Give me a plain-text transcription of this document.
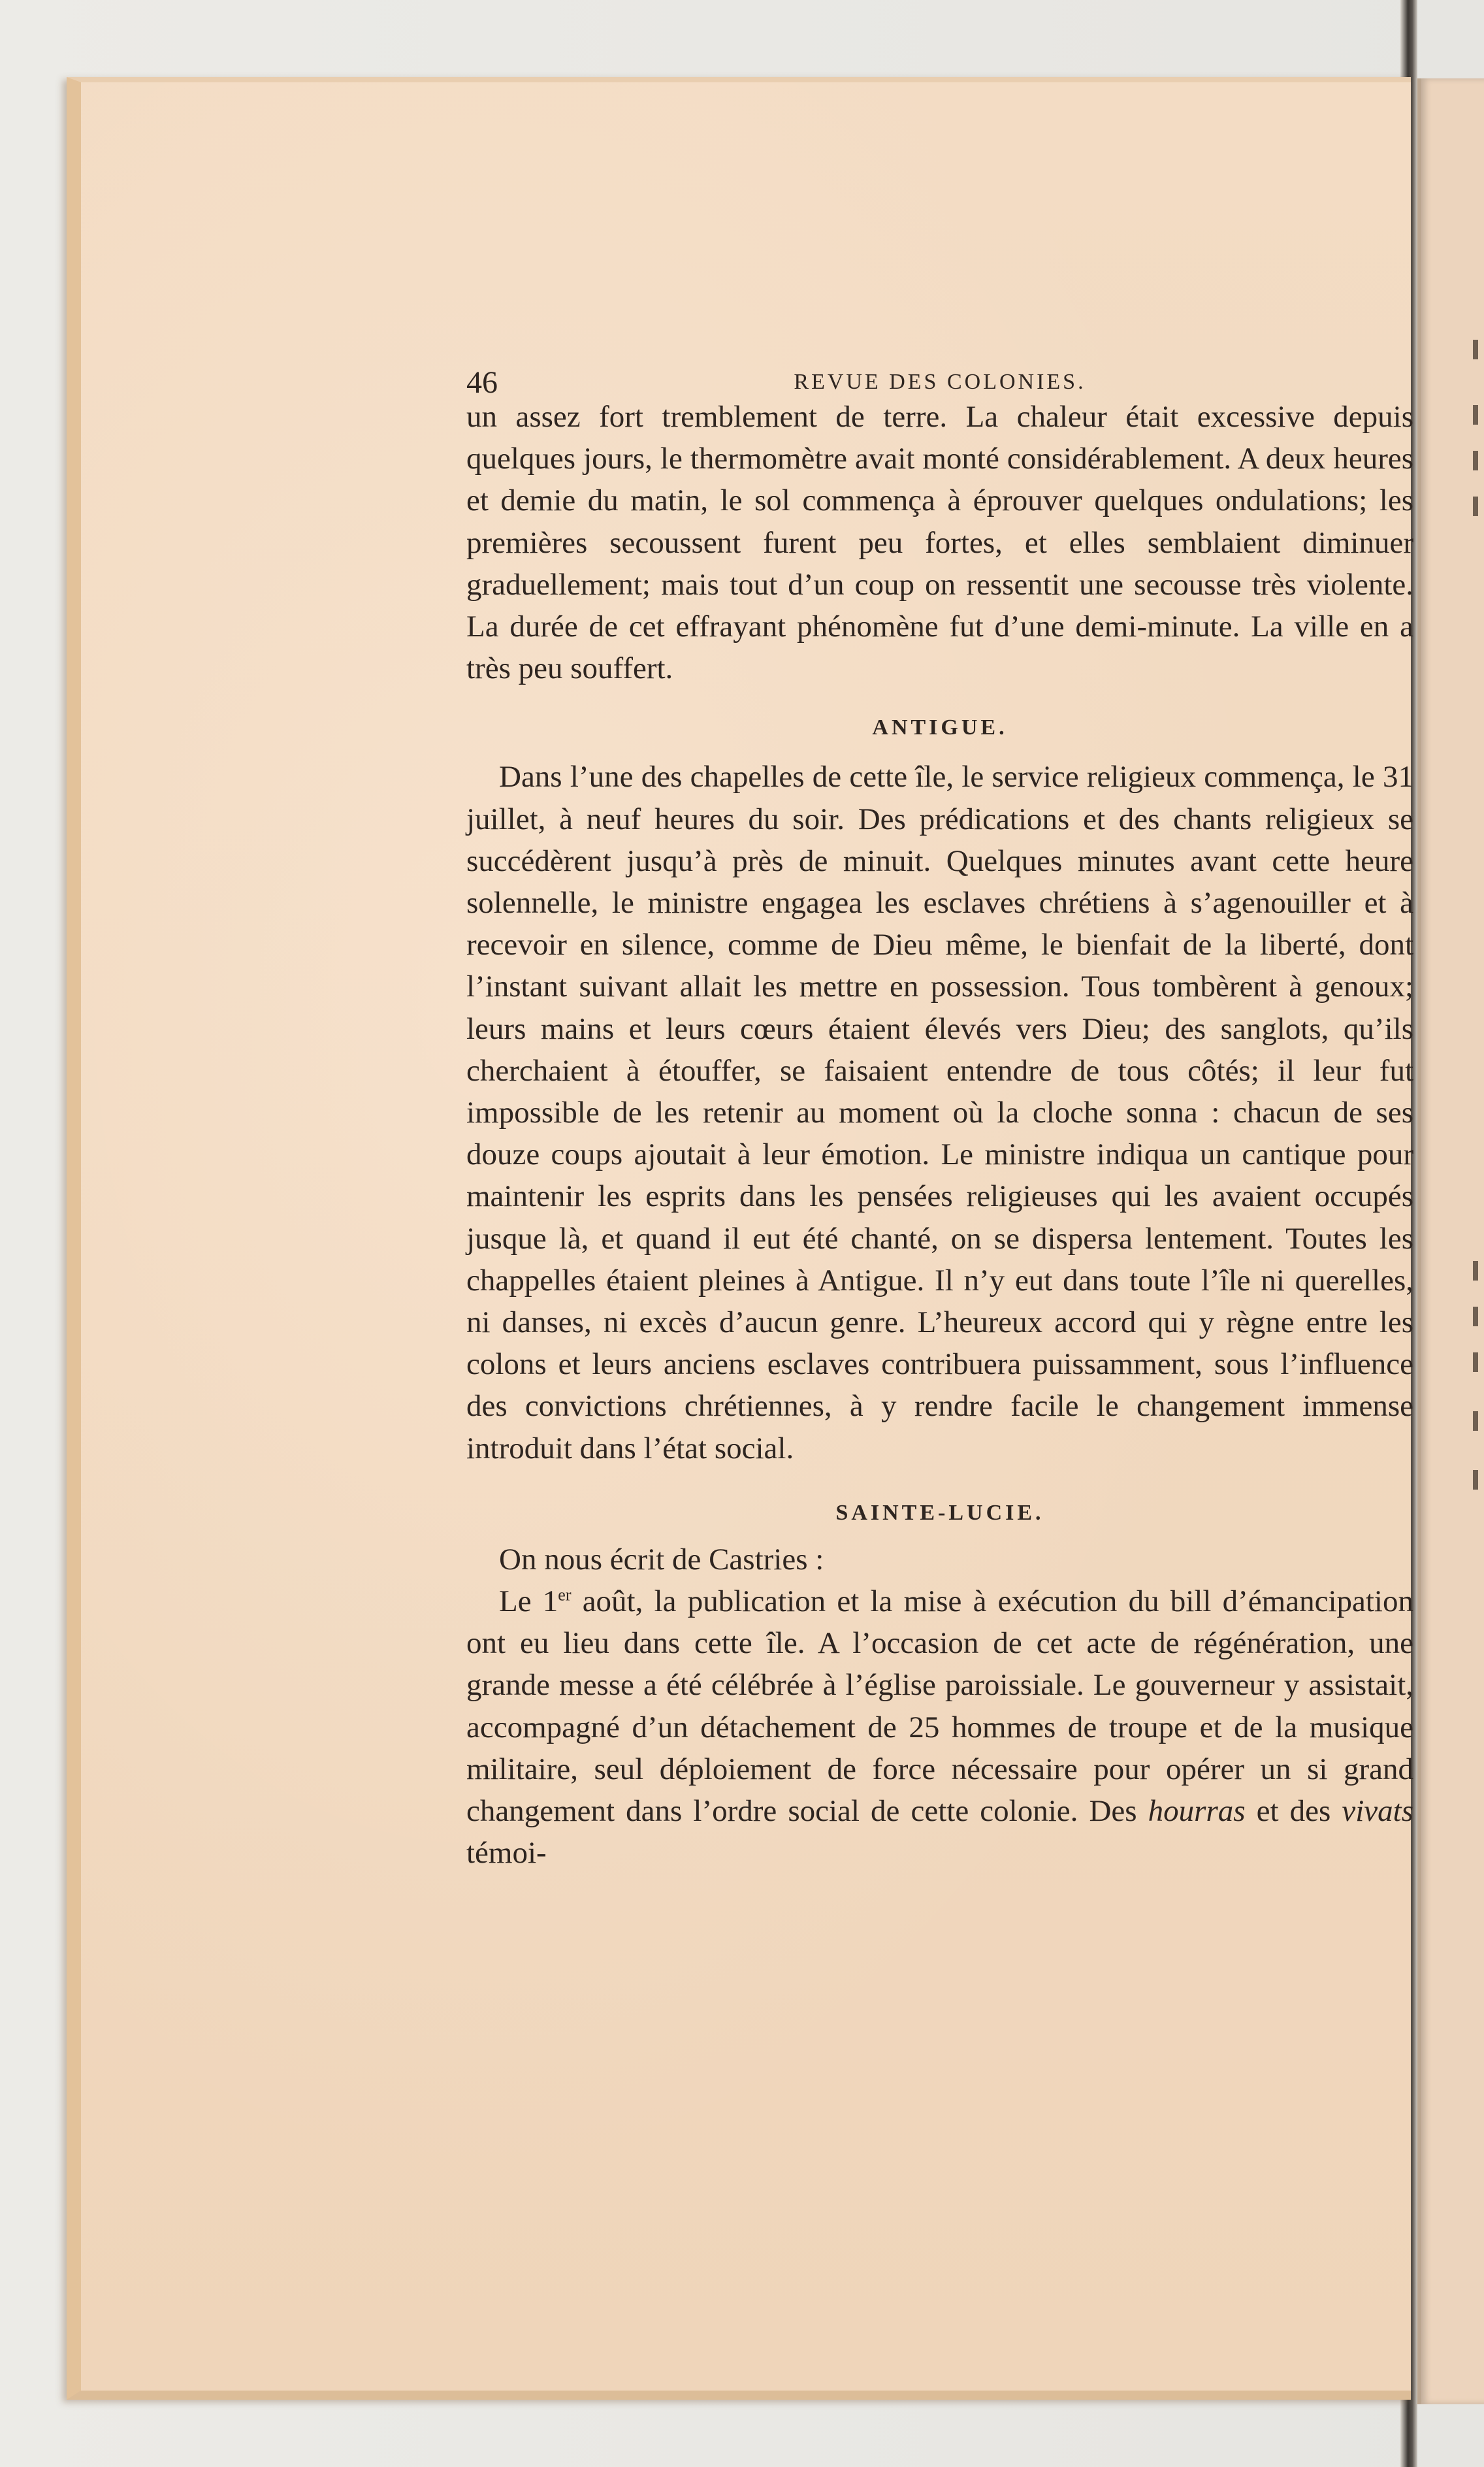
46	REVUE DES COLONIES.

un assez fort tremblement de terre. La chaleur était excessive depuis quelques jours, le thermomètre avait monté considérablement. A deux heures et demie du matin, le sol commença à éprouver quelques ondulations; les premières secoussent furent peu fortes, et elles semblaient diminuer graduellement; mais tout d’un coup on ressentit une secousse très violente. La durée de cet effrayant phénomène fut d’une demi-minute. La ville en a très peu souffert.

ANTIGUE.

Dans l’une des chapelles de cette île, le service religieux commença, le 31 juillet, à neuf heures du soir. Des prédications et des chants religieux se succédèrent jusqu’à près de minuit. Quelques minutes avant cette heure solennelle, le ministre engagea les esclaves chrétiens à s’agenouiller et à recevoir en silence, comme de Dieu même, le bienfait de la liberté, dont l’instant suivant allait les mettre en possession. Tous tombèrent à genoux; leurs mains et leurs cœurs étaient élevés vers Dieu; des sanglots, qu’ils cherchaient à étouffer, se faisaient entendre de tous côtés; il leur fut impossible de les retenir au moment où la cloche sonna : chacun de ses douze coups ajoutait à leur émotion. Le ministre indiqua un cantique pour maintenir les esprits dans les pensées religieuses qui les avaient occupés jusque là, et quand il eut été chanté, on se dispersa lentement. Toutes les chappelles étaient pleines à Antigue. Il n’y eut dans toute l’île ni querelles, ni danses, ni excès d’aucun genre. L’heureux accord qui y règne entre les colons et leurs anciens esclaves contribuera puissamment, sous l’influence des convictions chrétiennes, à y rendre facile le changement immense introduit dans l’état social.

SAINTE-LUCIE.

On nous écrit de Castries :

Le 1er août, la publication et la mise à exécution du bill d’émancipation ont eu lieu dans cette île. A l’occasion de cet acte de régénération, une grande messe a été célébrée à l’église paroissiale. Le gouverneur y assistait, accompagné d’un détachement de 25 hommes de troupe et de la musique militaire, seul déploiement de force nécessaire pour opérer un si grand changement dans l’ordre social de cette colonie. Des hourras et des vivats témoi-
